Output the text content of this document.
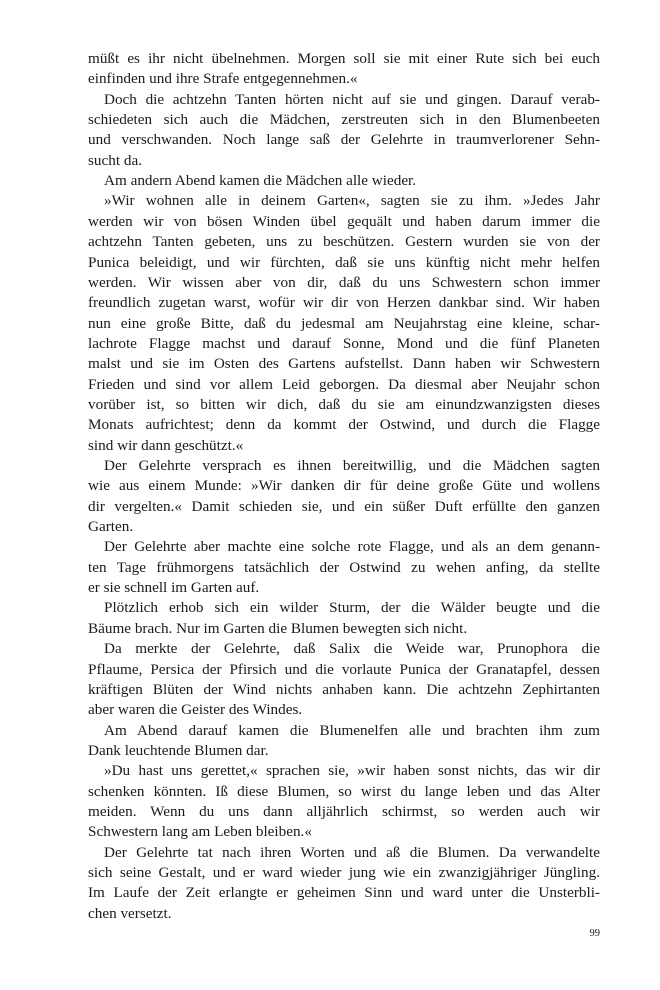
müßt es ihr nicht übelnehmen. Morgen soll sie mit einer Rute sich bei euch
einfinden und ihre Strafe entgegennehmen.«
Doch die achtzehn Tanten hörten nicht auf sie und gingen. Darauf verab-
schiedeten sich auch die Mädchen, zerstreuten sich in den Blumenbeeten
und verschwanden. Noch lange saß der Gelehrte in traumverlorener Sehn-
sucht da.
Am andern Abend kamen die Mädchen alle wieder.
»Wir wohnen alle in deinem Garten«, sagten sie zu ihm. »Jedes Jahr
werden wir von bösen Winden übel gequält und haben darum immer die
achtzehn Tanten gebeten, uns zu beschützen. Gestern wurden sie von der
Punica beleidigt, und wir fürchten, daß sie uns künftig nicht mehr helfen
werden. Wir wissen aber von dir, daß du uns Schwestern schon immer
freundlich zugetan warst, wofür wir dir von Herzen dankbar sind. Wir haben
nun eine große Bitte, daß du jedesmal am Neujahrstag eine kleine, schar-
lachrote Flagge machst und darauf Sonne, Mond und die fünf Planeten
malst und sie im Osten des Gartens aufstellst. Dann haben wir Schwestern
Frieden und sind vor allem Leid geborgen. Da diesmal aber Neujahr schon
vorüber ist, so bitten wir dich, daß du sie am einundzwanzigsten dieses
Monats aufrichtest; denn da kommt der Ostwind, und durch die Flagge
sind wir dann geschützt.«
Der Gelehrte versprach es ihnen bereitwillig, und die Mädchen sagten
wie aus einem Munde: »Wir danken dir für deine große Güte und wollens
dir vergelten.« Damit schieden sie, und ein süßer Duft erfüllte den ganzen
Garten.
Der Gelehrte aber machte eine solche rote Flagge, und als an dem genann-
ten Tage frühmorgens tatsächlich der Ostwind zu wehen anfing, da stellte
er sie schnell im Garten auf.
Plötzlich erhob sich ein wilder Sturm, der die Wälder beugte und die
Bäume brach. Nur im Garten die Blumen bewegten sich nicht.
Da merkte der Gelehrte, daß Salix die Weide war, Prunophora die
Pflaume, Persica der Pfirsich und die vorlaute Punica der Granatapfel, dessen
kräftigen Blüten der Wind nichts anhaben kann. Die achtzehn Zephirtanten
aber waren die Geister des Windes.
Am Abend darauf kamen die Blumenelfen alle und brachten ihm zum
Dank leuchtende Blumen dar.
»Du hast uns gerettet,« sprachen sie, »wir haben sonst nichts, das wir dir
schenken könnten. Iß diese Blumen, so wirst du lange leben und das Alter
meiden. Wenn du uns dann alljährlich schirmst, so werden auch wir
Schwestern lang am Leben bleiben.«
Der Gelehrte tat nach ihren Worten und aß die Blumen. Da verwandelte
sich seine Gestalt, und er ward wieder jung wie ein zwanzigjähriger Jüngling.
Im Laufe der Zeit erlangte er geheimen Sinn und ward unter die Unsterbli-
chen versetzt.
99
